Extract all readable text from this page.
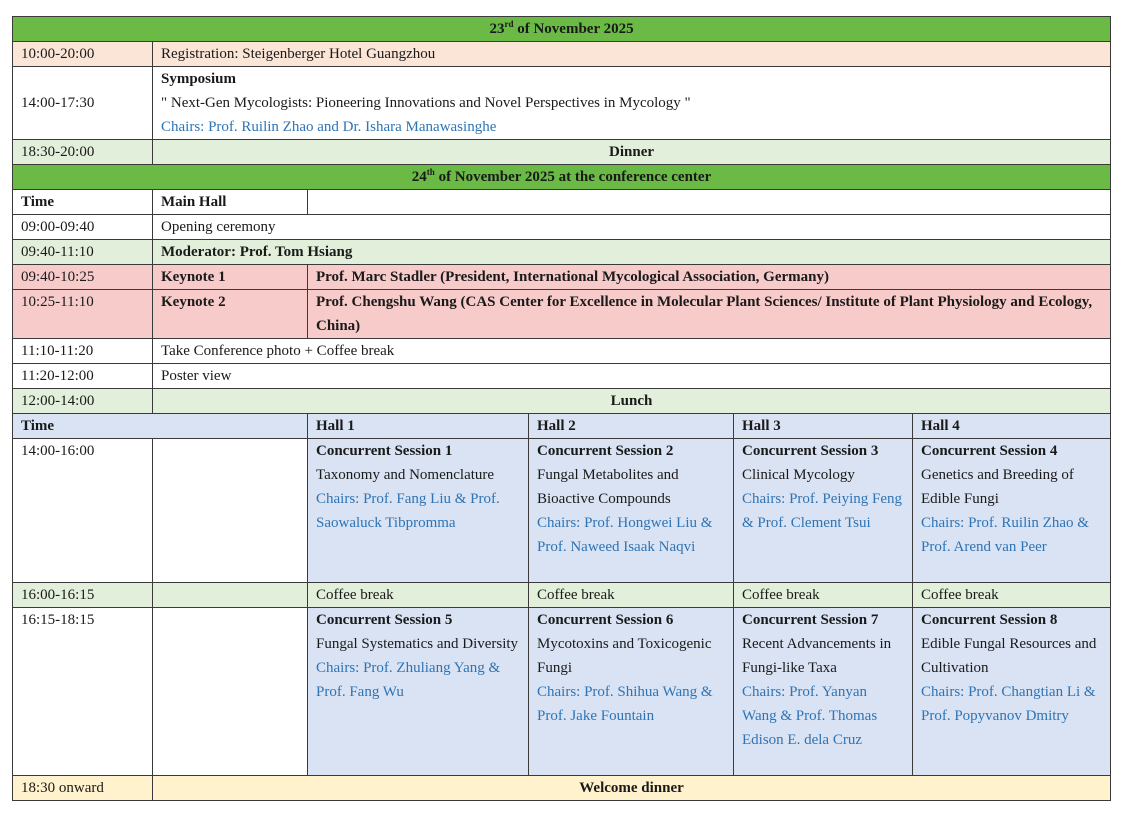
23rd of November 2025					
10:00-20:00	Registration: Steigenberger Hotel Guangzhou				
14:00-17:30	Symposium
" Next-Gen Mycologists: Pioneering Innovations and Novel Perspectives in Mycology "
Chairs: Prof. Ruilin Zhao and Dr. Ishara Manawasinghe				

18:30-20:00	Dinner				
24th of November 2025 at the conference center					
Time	Main Hall				
09:00-09:40	Opening ceremony				
09:40-11:10	Moderator: Prof. Tom Hsiang				
09:40-10:25	Keynote 1	Prof. Marc Stadler (President, International Mycological Association, Germany)			
10:25-11:10	Keynote 2	Prof. Chengshu Wang (CAS Center for Excellence in Molecular Plant Sciences/ Institute of Plant Physiology and Ecology, China)			
11:10-11:20	Take Conference photo + Coffee break				
11:20-12:00	Poster view				
12:00-14:00	Lunch				
Time		Hall 1	Hall 2	Hall 3	Hall 4
14:00-16:00		Concurrent Session 1
Taxonomy and Nomenclature
Chairs: Prof. Fang Liu & Prof. Saowaluck Tibpromma	Concurrent Session 2
Fungal Metabolites and Bioactive Compounds
Chairs: Prof. Hongwei Liu & Prof. Naweed Isaak Naqvi	Concurrent Session 3
Clinical Mycology
Chairs: Prof. Peiying Feng & Prof. Clement Tsui	Concurrent Session 4
Genetics and Breeding of Edible Fungi
Chairs: Prof. Ruilin Zhao & Prof. Arend van Peer

16:00-16:15		Coffee break	Coffee break	Coffee break	Coffee break
16:15-18:15		Concurrent Session 5
Fungal Systematics and Diversity
Chairs: Prof. Zhuliang Yang & Prof. Fang Wu	Concurrent Session 6
Mycotoxins and Toxicogenic Fungi
Chairs: Prof. Shihua Wang & Prof. Jake Fountain	Concurrent Session 7
Recent Advancements in Fungi-like Taxa
Chairs: Prof. Yanyan Wang & Prof. Thomas Edison E. dela Cruz	Concurrent Session 8
Edible Fungal Resources and Cultivation
Chairs: Prof. Changtian Li & Prof. Popyvanov Dmitry

18:30 onward	Welcome dinner				
